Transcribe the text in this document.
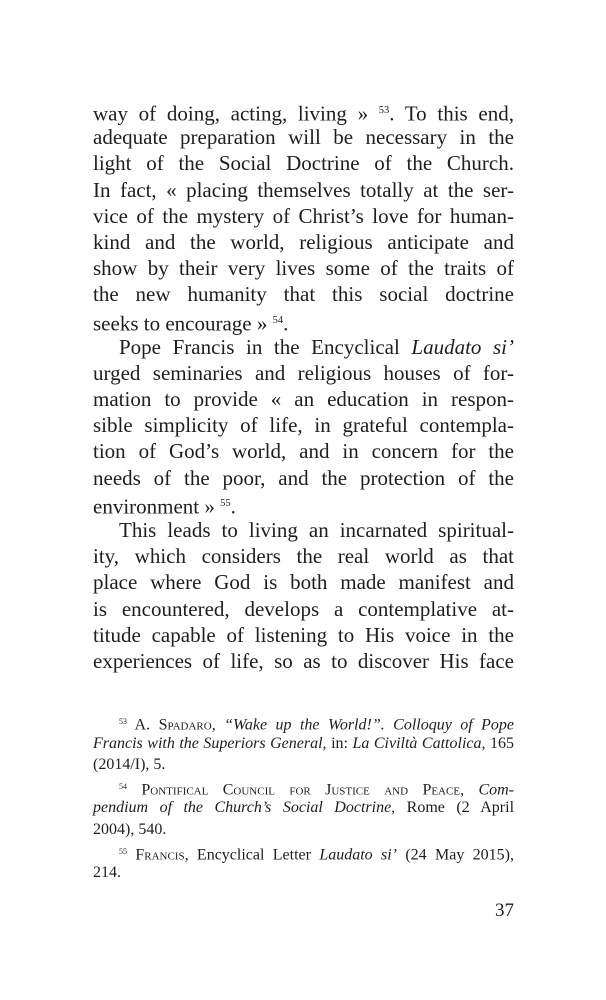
way of doing, acting, living » $^{53}$. To this end,
adequate preparation will be necessary in the
light of the Social Doctrine of the Church.
In fact, « placing themselves totally at the ser-
vice of the mystery of Christ’s love for human-
kind and the world, religious anticipate and
show by their very lives some of the traits of
the new humanity that this social doctrine
seeks to encourage » $^{54}$.
Pope Francis in the Encyclical Laudato si’
urged seminaries and religious houses of for-
mation to provide « an education in respon-
sible simplicity of life, in grateful contempla-
tion of God’s world, and in concern for the
needs of the poor, and the protection of the
environment » $^{55}$.
This leads to living an incarnated spiritual-
ity, which considers the real world as that
place where God is both made manifest and
is encountered, develops a contemplative at-
titude capable of listening to His voice in the
experiences of life, so as to discover His face
$^{53}$ A. Spadaro, “Wake up the World!”. Colloquy of Pope
Francis with the Superiors General, in: La Civiltà Cattolica, 165
(2014/I), 5.
$^{54}$ Pontifical Council for Justice and Peace, Com-
pendium of the Church’s Social Doctrine, Rome (2 April
2004), 540.
$^{55}$ Francis, Encyclical Letter Laudato si’ (24 May 2015),
214.
37
